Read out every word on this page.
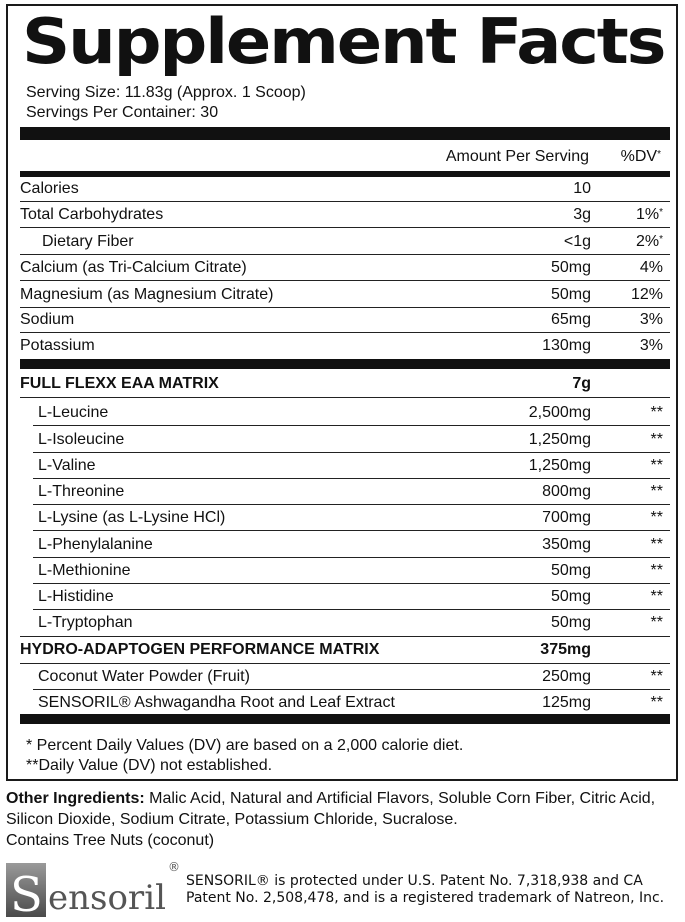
Supplement Facts
Serving Size: 11.83g (Approx. 1 Scoop)
Servings Per Container: 30
Amount Per Serving %DV*
Calories	10
Total Carbohydrates	3g	1%*
Dietary Fiber	<1g	2%*
Calcium (as Tri-Calcium Citrate)	50mg	4%
Magnesium (as Magnesium Citrate)	50mg 12%
Sodium	65mg	3%
Potassium	130mg	3%
FULL FLEXX EAA MATRIX	7g
L-Leucine	2,500mg	**
L-Isoleucine	1,250mg	**
L-Valine	1,250mg	**
L-Threonine	800mg	**
L-Lysine (as L-Lysine HCl)	700mg	**
L-Phenylalanine	350mg	**
L-Methionine	50mg	**
L-Histidine	50mg	**
L-Tryptophan	50mg	**
HYDRO-ADAPTOGEN PERFORMANCE MATRIX	375mg
Coconut Water Powder (Fruit)	250mg	**
SENSORIL® Ashwagandha Root and Leaf Extract	125mg	**
* Percent Daily Values (DV) are based on a 2,000 calorie diet.
**Daily Value (DV) not established.
Other Ingredients: Malic Acid, Natural and Artificial Flavors, Soluble Corn Fiber, Citric Acid,
Silicon Dioxide, Sodium Citrate, Potassium Chloride, Sucralose.
Contains Tree Nuts (coconut)
S ensoril
®
SENSORIL® is protected under U.S. Patent No. 7,318,938 and CA
Patent No. 2,508,478, and is a registered trademark of Natreon, Inc.
